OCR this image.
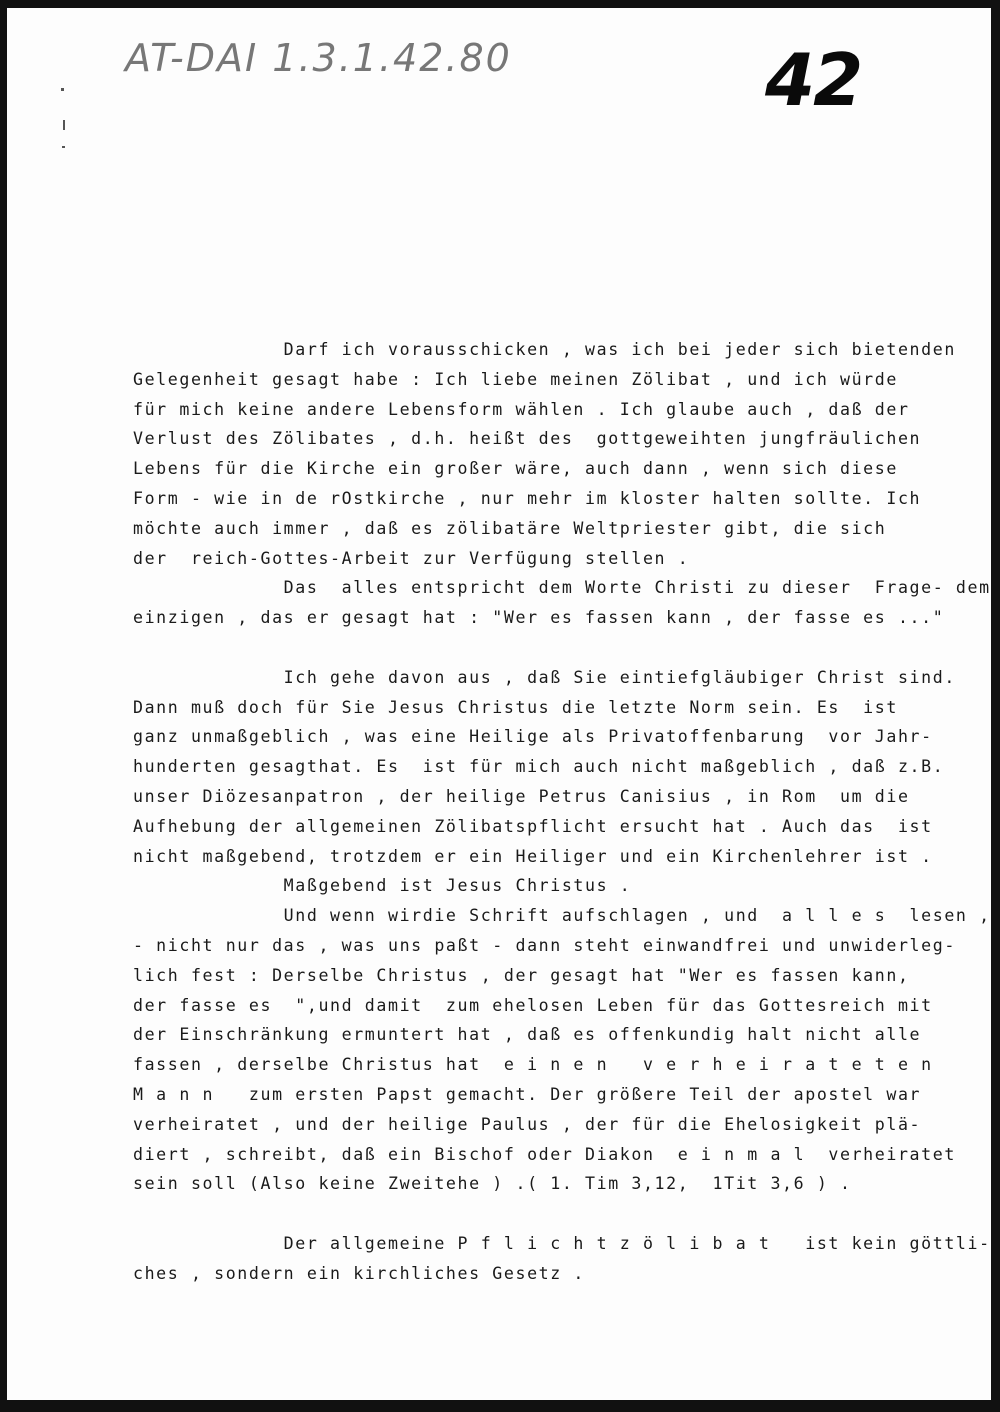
AT-DAI 1.3.1.42.80	42
Darf ich vorausschicken , was ich bei jeder sich bietenden
Gelegenheit gesagt habe : Ich liebe meinen Zölibat , und ich würde
für mich keine andere Lebensform wählen . Ich glaube auch , daß der
Verlust des Zölibates , d.h. heißt des  gottgeweihten jungfräulichen
Lebens für die Kirche ein großer wäre, auch dann , wenn sich diese
Form - wie in de rOstkirche , nur mehr im kloster halten sollte. Ich
möchte auch immer , daß es zölibatäre Weltpriester gibt, die sich
der  reich-Gottes-Arbeit zur Verfügung stellen .
Das  alles entspricht dem Worte Christi zu dieser  Frage- dem
einzigen , das er gesagt hat : "Wer es fassen kann , der fasse es ..."
Ich gehe davon aus , daß Sie eintiefgläubiger Christ sind.
Dann muß doch für Sie Jesus Christus die letzte Norm sein. Es  ist
ganz unmaßgeblich , was eine Heilige als Privatoffenbarung  vor Jahr-
hunderten gesagthat. Es  ist für mich auch nicht maßgeblich , daß z.B.
unser Diözesanpatron , der heilige Petrus Canisius , in Rom  um die
Aufhebung der allgemeinen Zölibatspflicht ersucht hat . Auch das  ist
nicht maßgebend, trotzdem er ein Heiliger und ein Kirchenlehrer ist .
Maßgebend ist Jesus Christus .
Und wenn wirdie Schrift aufschlagen , und  a l l e s  lesen ,
- nicht nur das , was uns paßt - dann steht einwandfrei und unwiderleg-
lich fest : Derselbe Christus , der gesagt hat "Wer es fassen kann,
der fasse es  ",und damit  zum ehelosen Leben für das Gottesreich mit
der Einschränkung ermuntert hat , daß es offenkundig halt nicht alle
fassen , derselbe Christus hat  e i n e n   v e r h e i r a t e t e n
M a n n   zum ersten Papst gemacht. Der größere Teil der apostel war
verheiratet , und der heilige Paulus , der für die Ehelosigkeit plä-
diert , schreibt, daß ein Bischof oder Diakon  e i n m a l  verheiratet
sein soll (Also keine Zweitehe ) .( 1. Tim 3,12,  1Tit 3,6 ) .
Der allgemeine P f l i c h t z ö l i b a t   ist kein göttli-
ches , sondern ein kirchliches Gesetz .
